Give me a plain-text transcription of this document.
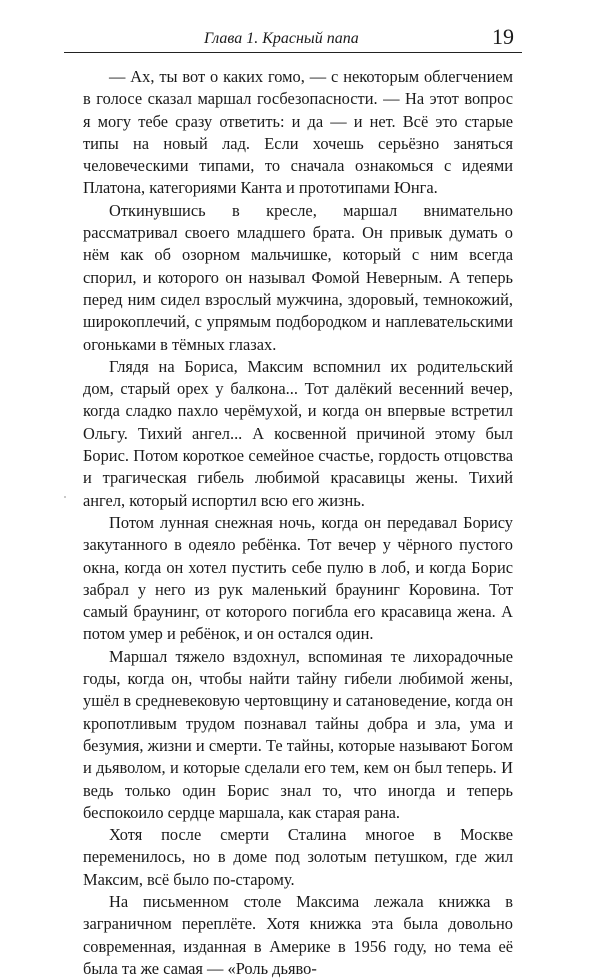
Глава 1. Красный папа	19

— Ах, ты вот о каких гомо, — с некоторым облегчением в голосе сказал маршал госбезопасности. — На этот вопрос я могу тебе сразу ответить: и да — и нет. Всё это старые типы на новый лад. Если хочешь серьёзно заняться человеческими типами, то сначала ознакомься с идеями Платона, категориями Канта и прототипами Юнга.

Откинувшись в кресле, маршал внимательно рассматривал своего младшего брата. Он привык думать о нём как об озорном мальчишке, который с ним всегда спорил, и которого он называл Фомой Неверным. А теперь перед ним сидел взрослый мужчина, здоровый, темнокожий, широкоплечий, с упрямым подбородком и наплевательскими огоньками в тёмных глазах.

Глядя на Бориса, Максим вспомнил их родительский дом, старый орех у балкона... Тот далёкий весенний вечер, когда сладко пахло черёмухой, и когда он впервые встретил Ольгу. Тихий ангел... А косвенной причиной этому был Борис. Потом короткое семейное счастье, гордость отцовства и трагическая гибель любимой красавицы жены. Тихий ангел, который испортил всю его жизнь.

Потом лунная снежная ночь, когда он передавал Борису закутанного в одеяло ребёнка. Тот вечер у чёрного пустого окна, когда он хотел пустить себе пулю в лоб, и когда Борис забрал у него из рук маленький браунинг Коровина. Тот самый браунинг, от которого погибла его красавица жена. А потом умер и ребёнок, и он остался один.

Маршал тяжело вздохнул, вспоминая те лихорадочные годы, когда он, чтобы найти тайну гибели любимой жены, ушёл в средневековую чертовщину и сатановедение, когда он кропотливым трудом познавал тайны добра и зла, ума и безумия, жизни и смерти. Те тайны, которые называют Богом и дьяволом, и которые сделали его тем, кем он был теперь. И ведь только один Борис знал то, что иногда и теперь беспокоило сердце маршала, как старая рана.

Хотя после смерти Сталина многое в Москве переменилось, но в доме под золотым петушком, где жил Максим, всё было по-старому.

На письменном столе Максима лежала книжка в заграничном переплёте. Хотя книжка эта была довольно современная, изданная в Америке в 1956 году, но тема её была та же самая — «Роль дьяво-
